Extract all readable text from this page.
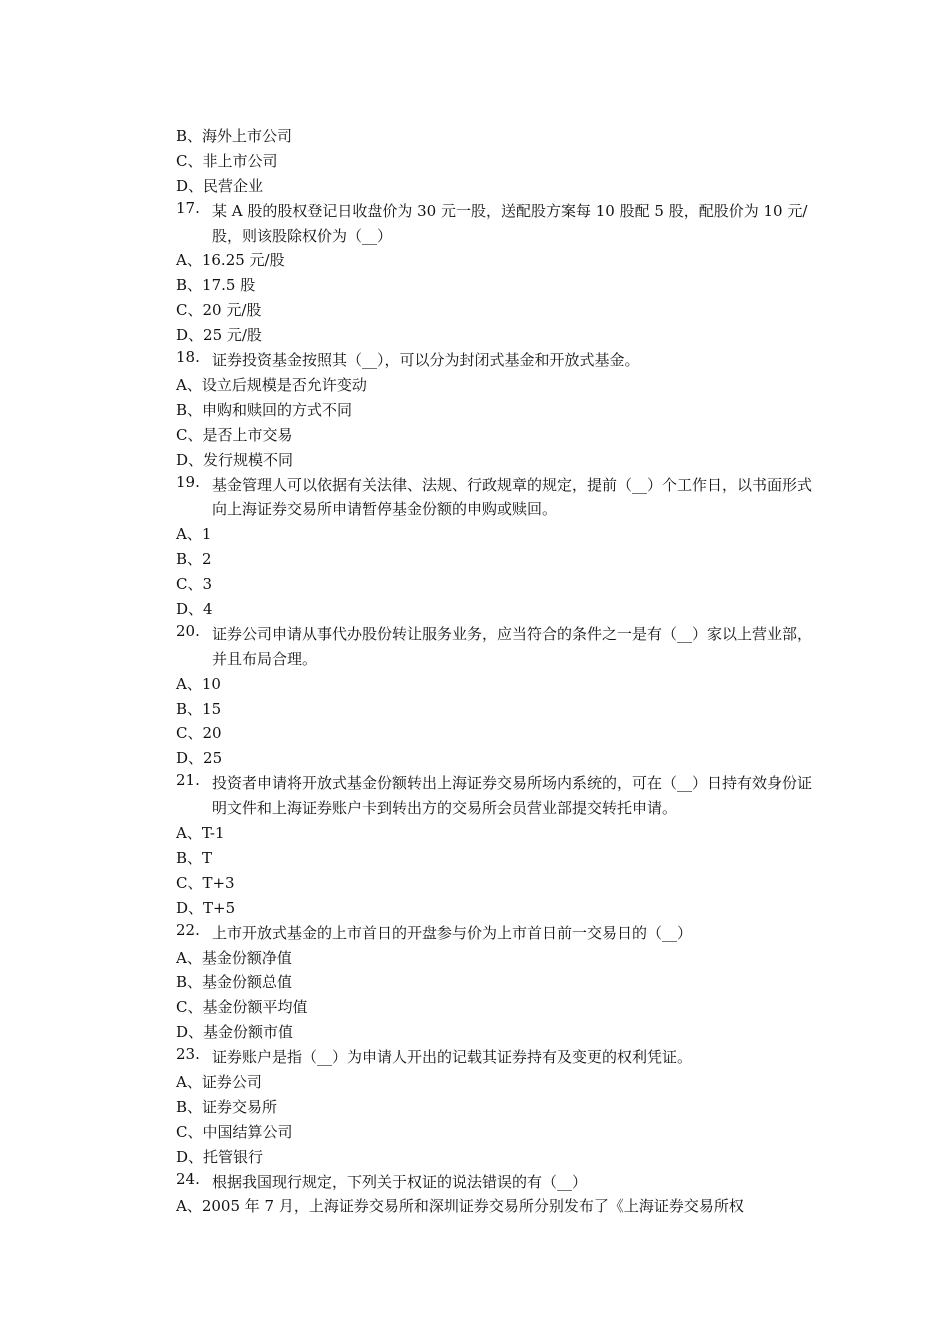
B、海外上市公司
C、非上市公司
D、民营企业
17. 某 A 股的股权登记日收盘价为 30 元一股，送配股方案每 10 股配 5 股，配股价为 10 元/股，则该股除权价为（__）
A、16.25 元/股
B、17.5 股
C、20 元/股
D、25 元/股
18. 证券投资基金按照其（__），可以分为封闭式基金和开放式基金。
A、设立后规模是否允许变动
B、申购和赎回的方式不同
C、是否上市交易
D、发行规模不同
19. 基金管理人可以依据有关法律、法规、行政规章的规定，提前（__）个工作日，以书面形式向上海证券交易所申请暂停基金份额的申购或赎回。
A、1
B、2
C、3
D、4
20. 证券公司申请从事代办股份转让服务业务，应当符合的条件之一是有（__）家以上营业部，并且布局合理。
A、10
B、15
C、20
D、25
21. 投资者申请将开放式基金份额转出上海证券交易所场内系统的，可在（__）日持有效身份证明文件和上海证券账户卡到转出方的交易所会员营业部提交转托申请。
A、T-1
B、T
C、T+3
D、T+5
22. 上市开放式基金的上市首日的开盘参与价为上市首日前一交易日的（__）
A、基金份额净值
B、基金份额总值
C、基金份额平均值
D、基金份额市值
23. 证券账户是指（__）为申请人开出的记载其证券持有及变更的权利凭证。
A、证券公司
B、证券交易所
C、中国结算公司
D、托管银行
24. 根据我国现行规定，下列关于权证的说法错误的有（__）
A、2005 年 7 月，上海证券交易所和深圳证券交易所分别发布了《上海证券交易所权
